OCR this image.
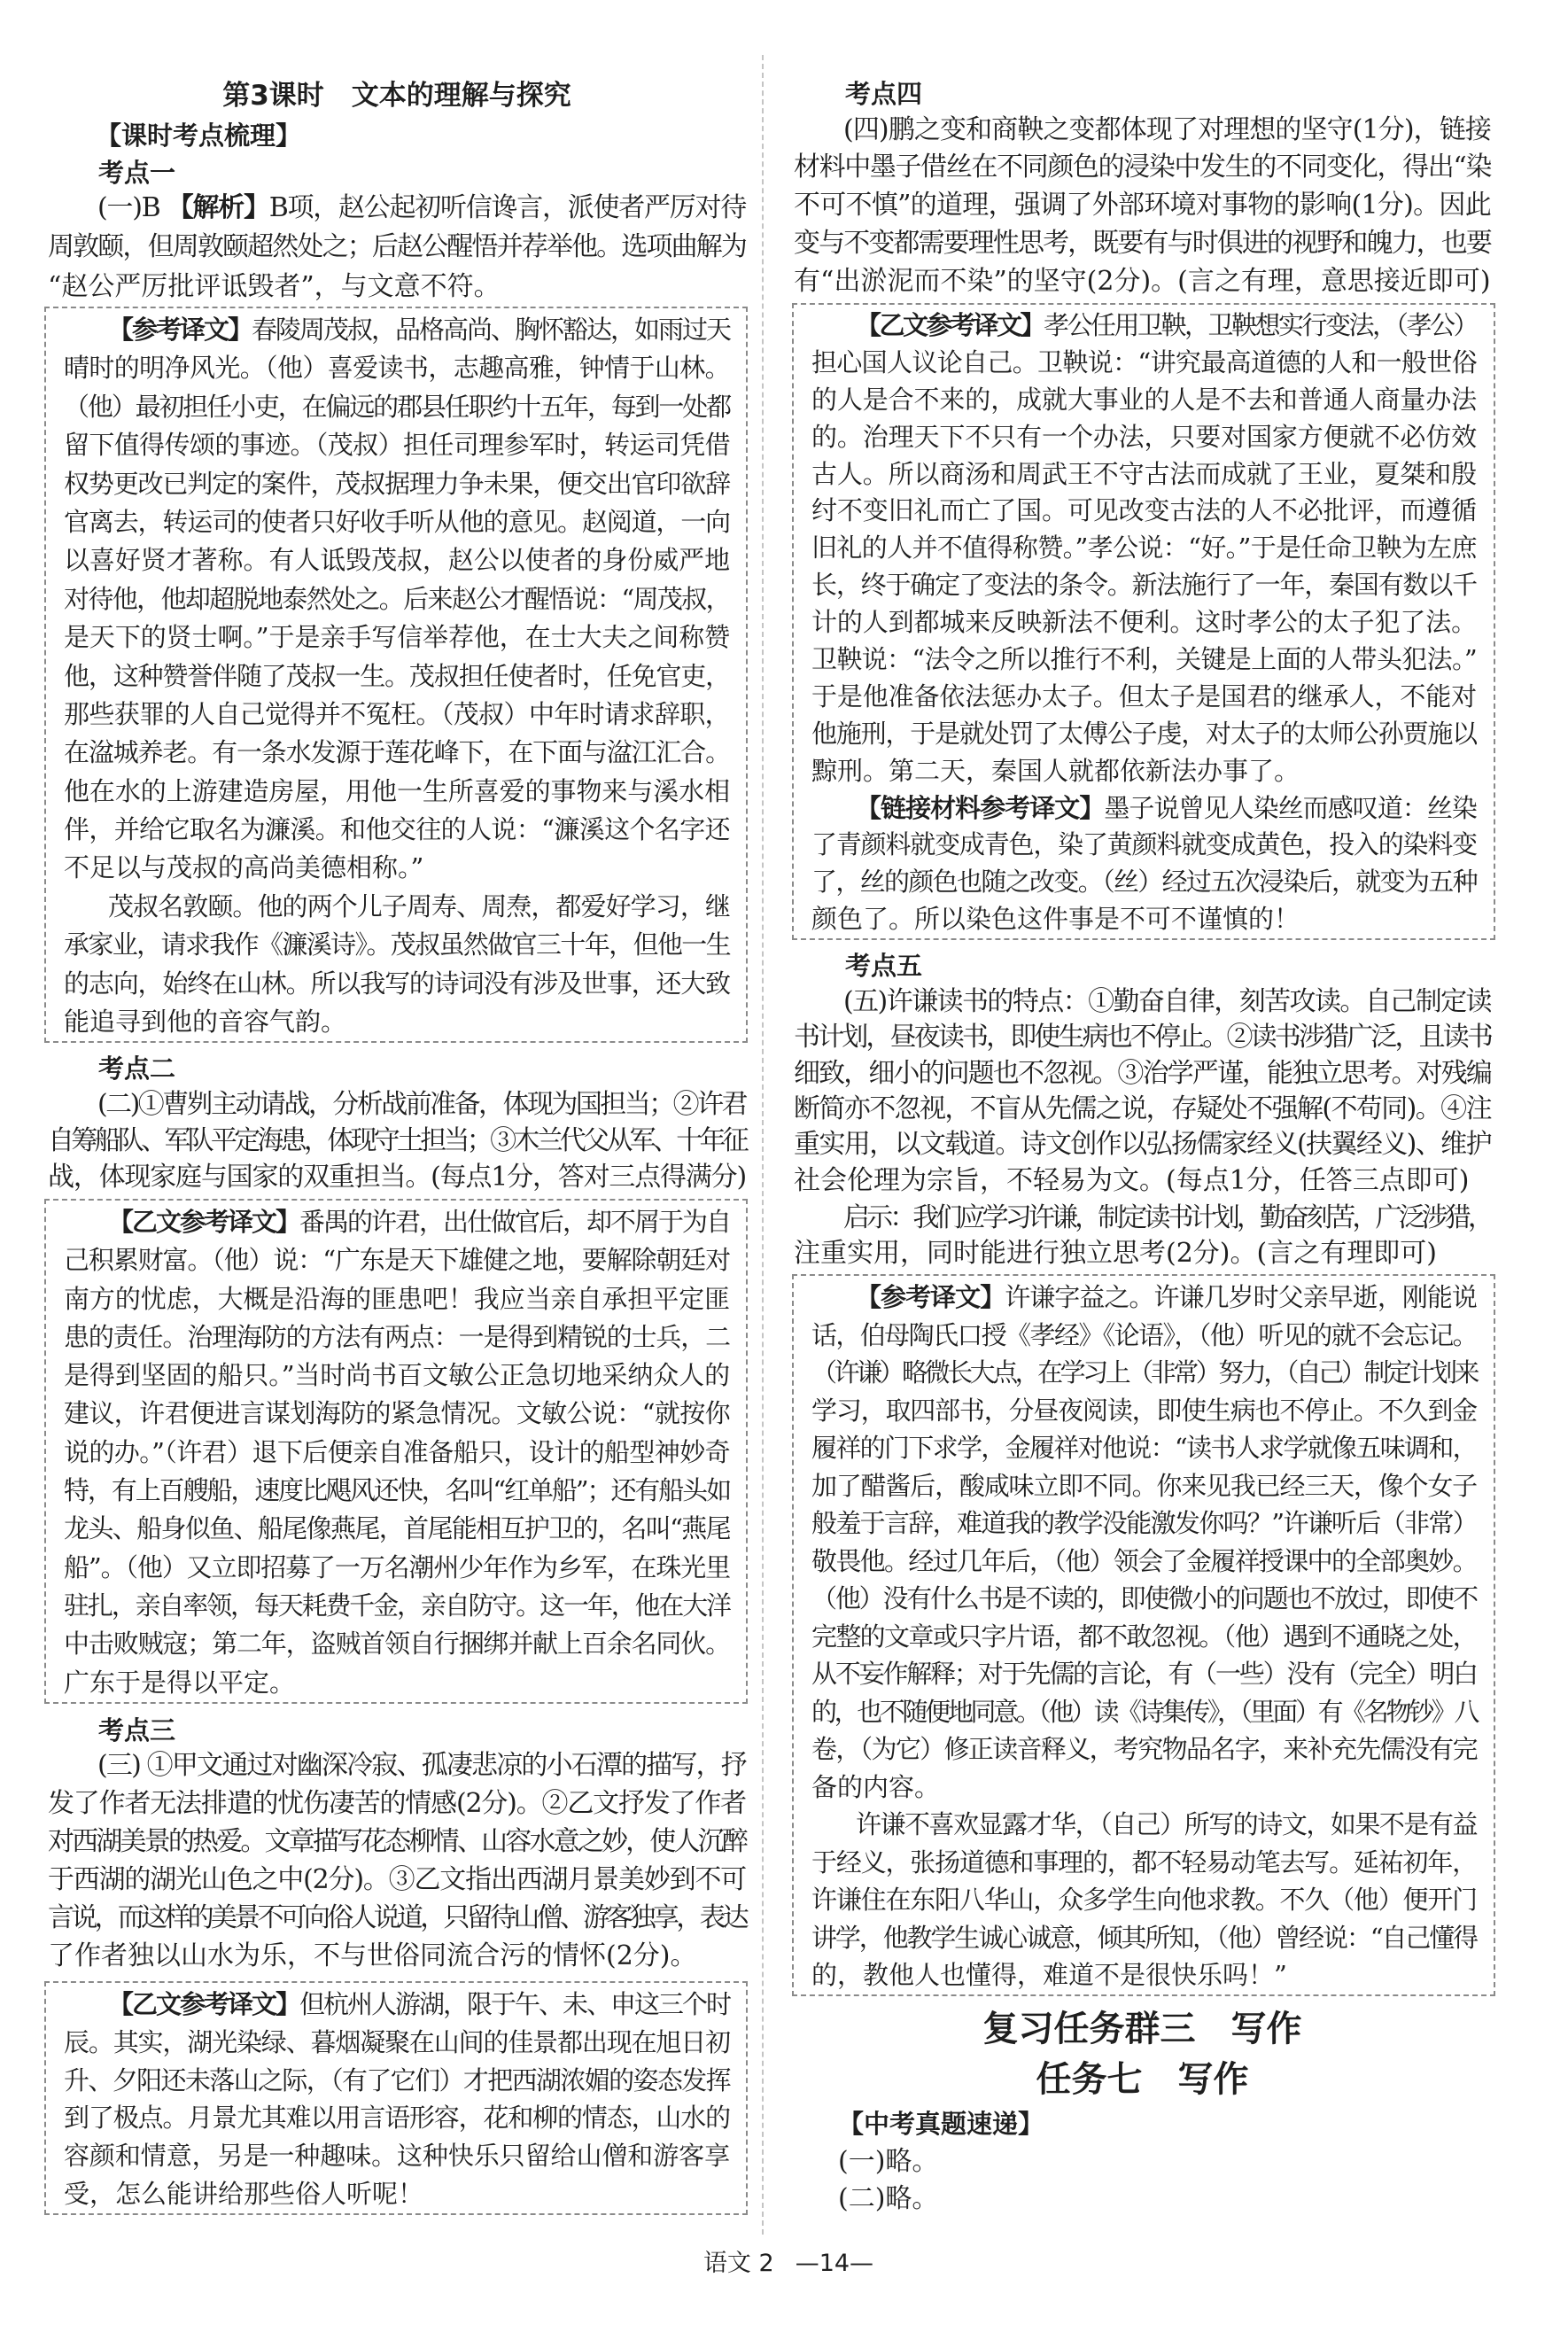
第3课时　文本的理解与探究
【课时考点梳理】
考点一
(一)B 【解析】B项，赵公起初听信谗言，派使者严厉对待
周敦颐，但周敦颐超然处之；后赵公醒悟并荐举他。选项曲解为
“赵公严厉批评诋毁者”，与文意不符。
【参考译文】春陵周茂叔，品格高尚、胸怀豁达，如雨过天
晴时的明净风光。（他）喜爱读书，志趣高雅，钟情于山林。
（他）最初担任小吏，在偏远的郡县任职约十五年，每到一处都
留下值得传颂的事迹。（茂叔）担任司理参军时，转运司凭借
权势更改已判定的案件，茂叔据理力争未果，便交出官印欲辞
官离去，转运司的使者只好收手听从他的意见。赵阅道，一向
以喜好贤才著称。有人诋毁茂叔，赵公以使者的身份威严地
对待他，他却超脱地泰然处之。后来赵公才醒悟说：“周茂叔，
是天下的贤士啊。”于是亲手写信举荐他，在士大夫之间称赞
他，这种赞誉伴随了茂叔一生。茂叔担任使者时，任免官吏，
那些获罪的人自己觉得并不冤枉。（茂叔）中年时请求辞职，
在湓城养老。有一条水发源于莲花峰下，在下面与湓江汇合。
他在水的上游建造房屋，用他一生所喜爱的事物来与溪水相
伴，并给它取名为濂溪。和他交往的人说：“濂溪这个名字还
不足以与茂叔的高尚美德相称。”
茂叔名敦颐。他的两个儿子周寿、周焘，都爱好学习，继
承家业，请求我作《濂溪诗》。茂叔虽然做官三十年，但他一生
的志向，始终在山林。所以我写的诗词没有涉及世事，还大致
能追寻到他的音容气韵。
考点二
(二)①曹刿主动请战，分析战前准备，体现为国担当；②许君
自筹船队、军队平定海患，体现守土担当；③木兰代父从军、十年征
战，体现家庭与国家的双重担当。(每点1分，答对三点得满分)
【乙文参考译文】番禺的许君，出仕做官后，却不屑于为自
己积累财富。（他）说：“广东是天下雄健之地，要解除朝廷对
南方的忧虑，大概是沿海的匪患吧！我应当亲自承担平定匪
患的责任。治理海防的方法有两点：一是得到精锐的士兵，二
是得到坚固的船只。”当时尚书百文敏公正急切地采纳众人的
建议，许君便进言谋划海防的紧急情况。文敏公说：“就按你
说的办。”（许君）退下后便亲自准备船只，设计的船型神妙奇
特，有上百艘船，速度比飓风还快，名叫“红单船”；还有船头如
龙头、船身似鱼、船尾像燕尾，首尾能相互护卫的，名叫“燕尾
船”。（他）又立即招募了一万名潮州少年作为乡军，在珠光里
驻扎，亲自率领，每天耗费千金，亲自防守。这一年，他在大洋
中击败贼寇；第二年，盗贼首领自行捆绑并献上百余名同伙。
广东于是得以平定。
考点三
(三) ①甲文通过对幽深冷寂、孤凄悲凉的小石潭的描写，抒
发了作者无法排遣的忧伤凄苦的情感(2分)。②乙文抒发了作者
对西湖美景的热爱。文章描写花态柳情、山容水意之妙，使人沉醉
于西湖的湖光山色之中(2分)。③乙文指出西湖月景美妙到不可
言说，而这样的美景不可向俗人说道，只留待山僧、游客独享，表达
了作者独以山水为乐，不与世俗同流合污的情怀(2分)。
【乙文参考译文】但杭州人游湖，限于午、未、申这三个时
辰。其实，湖光染绿、暮烟凝聚在山间的佳景都出现在旭日初
升、夕阳还未落山之际，（有了它们）才把西湖浓媚的姿态发挥
到了极点。月景尤其难以用言语形容，花和柳的情态，山水的
容颜和情意，另是一种趣味。这种快乐只留给山僧和游客享
受，怎么能讲给那些俗人听呢！
考点四
(四)鹏之变和商鞅之变都体现了对理想的坚守(1分)，链接
材料中墨子借丝在不同颜色的浸染中发生的不同变化，得出“染
不可不慎”的道理，强调了外部环境对事物的影响(1分)。因此
变与不变都需要理性思考，既要有与时俱进的视野和魄力，也要
有“出淤泥而不染”的坚守(2分)。(言之有理，意思接近即可)
【乙文参考译文】孝公任用卫鞅，卫鞅想实行变法，（孝公）
担心国人议论自己。卫鞅说：“讲究最高道德的人和一般世俗
的人是合不来的，成就大事业的人是不去和普通人商量办法
的。治理天下不只有一个办法，只要对国家方便就不必仿效
古人。所以商汤和周武王不守古法而成就了王业，夏桀和殷
纣不变旧礼而亡了国。可见改变古法的人不必批评，而遵循
旧礼的人并不值得称赞。”孝公说：“好。”于是任命卫鞅为左庶
长，终于确定了变法的条令。新法施行了一年，秦国有数以千
计的人到都城来反映新法不便利。这时孝公的太子犯了法。
卫鞅说：“法令之所以推行不利，关键是上面的人带头犯法。”
于是他准备依法惩办太子。但太子是国君的继承人，不能对
他施刑，于是就处罚了太傅公子虔，对太子的太师公孙贾施以
黥刑。第二天，秦国人就都依新法办事了。
【链接材料参考译文】墨子说曾见人染丝而感叹道：丝染
了青颜料就变成青色，染了黄颜料就变成黄色，投入的染料变
了，丝的颜色也随之改变。（丝）经过五次浸染后，就变为五种
颜色了。所以染色这件事是不可不谨慎的！
考点五
(五)许谦读书的特点：①勤奋自律，刻苦攻读。自己制定读
书计划，昼夜读书，即使生病也不停止。②读书涉猎广泛，且读书
细致，细小的问题也不忽视。③治学严谨，能独立思考。对残编
断简亦不忽视，不盲从先儒之说，存疑处不强解(不苟同)。④注
重实用，以文载道。诗文创作以弘扬儒家经义(扶翼经义)、维护
社会伦理为宗旨，不轻易为文。(每点1分，任答三点即可)
启示：我们应学习许谦，制定读书计划，勤奋刻苦，广泛涉猎，
注重实用，同时能进行独立思考(2分)。(言之有理即可)
【参考译文】许谦字益之。许谦几岁时父亲早逝，刚能说
话，伯母陶氏口授《孝经》《论语》，（他）听见的就不会忘记。
（许谦）略微长大点，在学习上（非常）努力，（自己）制定计划来
学习，取四部书，分昼夜阅读，即使生病也不停止。不久到金
履祥的门下求学，金履祥对他说：“读书人求学就像五味调和，
加了醋酱后，酸咸味立即不同。你来见我已经三天，像个女子
般羞于言辞，难道我的教学没能激发你吗？”许谦听后（非常）
敬畏他。经过几年后，（他）领会了金履祥授课中的全部奥妙。
（他）没有什么书是不读的，即使微小的问题也不放过，即使不
完整的文章或只字片语，都不敢忽视。（他）遇到不通晓之处，
从不妄作解释；对于先儒的言论，有（一些）没有（完全）明白
的，也不随便地同意。（他）读《诗集传》，（里面）有《名物钞》八
卷，（为它）修正读音释义，考究物品名字，来补充先儒没有完
备的内容。
许谦不喜欢显露才华，（自己）所写的诗文，如果不是有益
于经义，张扬道德和事理的，都不轻易动笔去写。延祐初年，
许谦住在东阳八华山，众多学生向他求教。不久（他）便开门
讲学，他教学生诚心诚意，倾其所知，（他）曾经说：“自己懂得
的，教他人也懂得，难道不是很快乐吗！”
复习任务群三　写作
任务七　写作
【中考真题速递】
(一)略。
(二)略。
语文 2 —14—
